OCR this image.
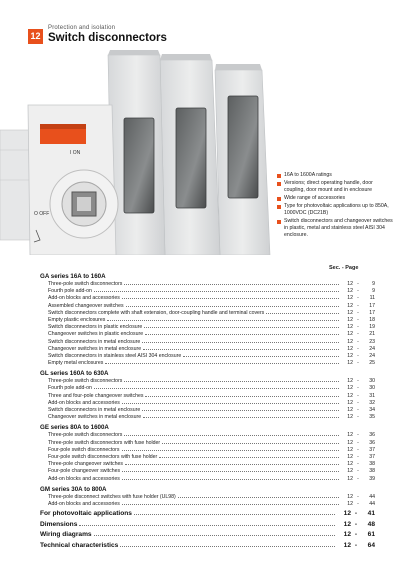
12
Protection and isolation
Switch disconnectors
I ON
O OFF
16A to 1600A ratings
Versions; direct operating handle, door coupling, door mount and in enclosure
Wide range of accessories
Type for photovoltaic applications up to 850A, 1000VDC (DC21B)
Switch disconnectors and changeover switches in plastic, metal and stainless steel AISI 304 enclosure.
Sec. - Page
GA series 16A to 160A
Three-pole switch disconnectors	12 -	9
Fourth pole add-on	12 -	9
Add-on blocks and accessories	12 -	11
Assembled changeover switches	12 -	17
Switch disconnectors complete with shaft extension, door-coupling handle and terminal covers	12 -	17
Empty plastic enclosures	12 -	18
Switch disconnectors in plastic enclosure	12 -	19
Changeover switches in plastic enclosure	12 -	21
Switch disconnectors in metal enclosure	12 -	23
Changeover switches in metal enclosure	12 -	24
Switch disconnectors in stainless steel AISI 304 enclosure	12 -	24
Empty metal enclosures	12 -	25
GL series 160A to 630A
Three-pole switch disconnectors	12 -	30
Fourth pole add-on	12 -	30
Three and four-pole changeover switches	12 -	31
Add-on blocks and accessories	12 -	32
Switch disconnectors in metal enclosure	12 -	34
Changeover switches in metal enclosure	12 -	35
GE series 80A to 1600A
Three-pole switch disconnectors	12 -	36
Three-pole switch disconnectors with fuse holder	12 -	36
Four-pole switch disconnectors	12 -	37
Four-pole switch disconnectors with fuse holder	12 -	37
Three-pole changeover switches	12 -	38
Four-pole changeover switches	12 -	38
Add-on blocks and accessories	12 -	39
GM series 30A to 800A
Three-pole disconnect switches with fuse holder (UL98)	12 -	44
Add-on blocks and accessories	12 -	44
For photovoltaic applications	12 -	41
Dimensions	12 -	48
Wiring diagrams	12 -	61
Technical characteristics	12 -	64
